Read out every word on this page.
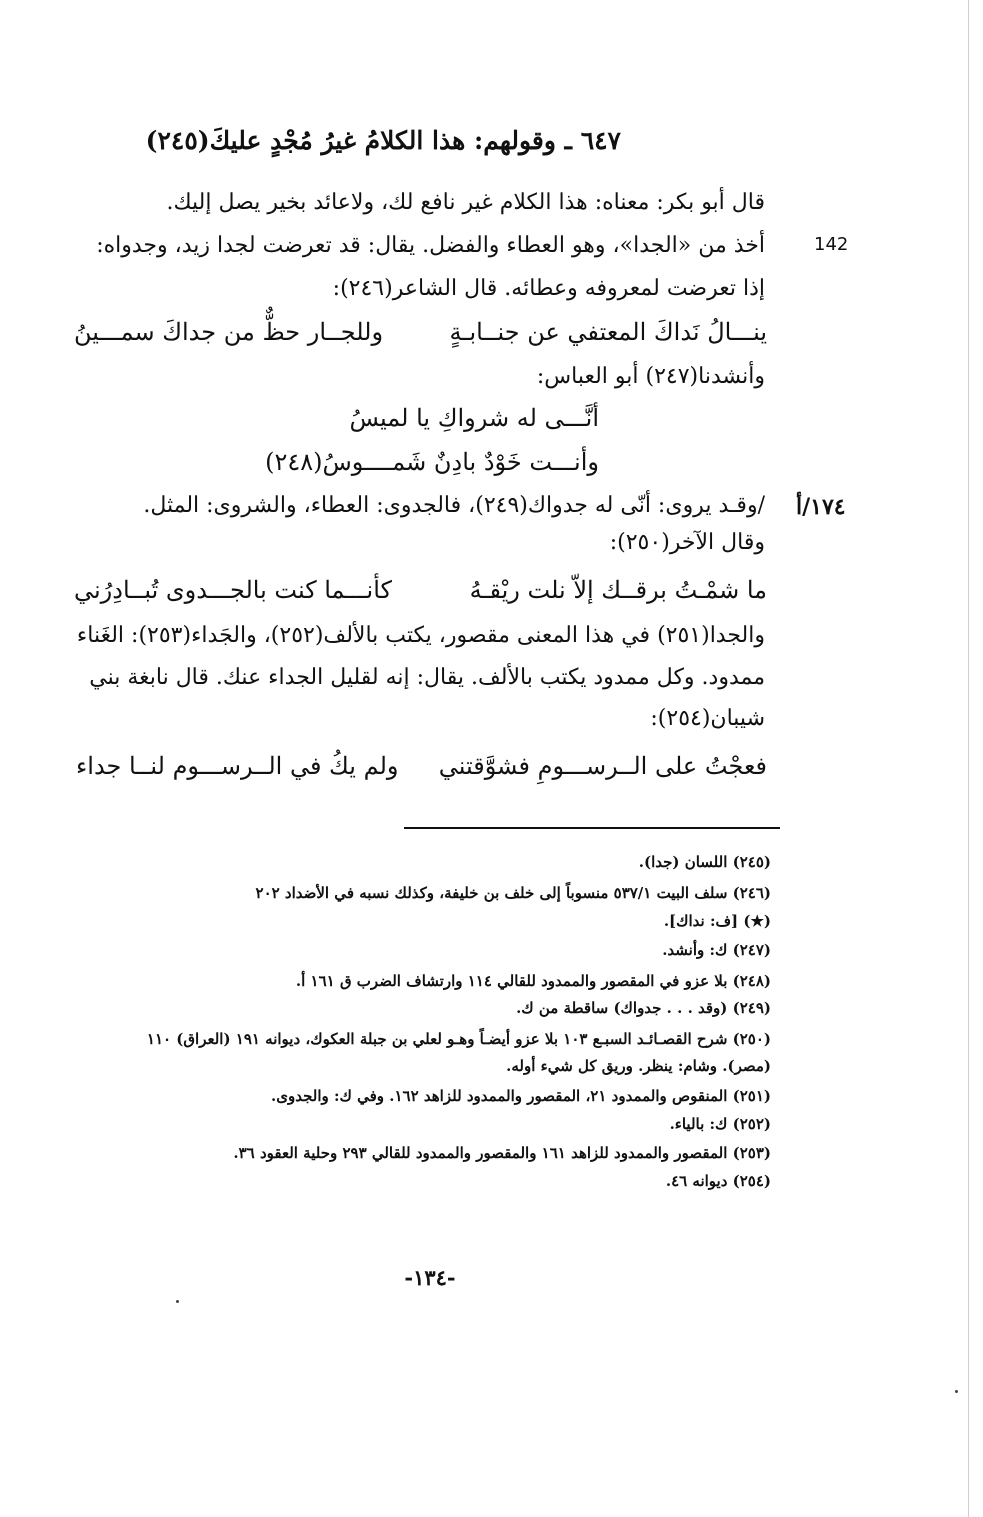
٦٤٧ ـ وقولهم: هذا الكلامُ غيرُ مُجْدٍ عليكَ(٢٤٥)
قال أبو بكر: معناه: هذا الكلام غير نافع لك، ولاعائد بخير يصل إليك.
142
أخذ من «الجدا»، وهو العطاء والفضل. يقال: قد تعرضت لجدا زيد، وجدواه:
إذا تعرضت لمعروفه وعطائه. قال الشاعر(٢٤٦):
ينـــالُ نَداكَ المعتفي عن جنــابـةٍ
وللجــار حظٌّ من جداكَ سمـــينُ
وأنشدنا(٢٤٧) أبو العباس:
أنَّـــى له شرواكِ يا لميسُ
وأنـــت خَوْدٌ بادِنٌ شَمــــوسُ(٢٤٨)
١٧٤/أ
/وقـد يروى: أنّى له جدواك(٢٤٩)، فالجدوى: العطاء، والشروى: المثل.
وقال الآخر(٢٥٠):
ما شمْـتُ برقــك إلاّ نلت ريْقـهُ
كأنـــما كنت بالجـــدوى تُبــادِرُني
والجدا(٢٥١) في هذا المعنى مقصور، يكتب بالألف(٢٥٢)، والجَداء(٢٥٣): الغَناء
ممدود. وكل ممدود يكتب بالألف. يقال: إنه لقليل الجداء عنك. قال نابغة بني
شيبان(٢٥٤):
فعجْتُ على الــرســـومِ فشوَّقتني
ولم يكُ في الــرســـوم لنــا جداء
(٢٤٥) اللسان (جدا).
(٢٤٦) سلف البيت ٥٣٧/١ منسوباً إلى خلف بن خليفة، وكذلك نسبه في الأضداد ٢٠٢
(★) [ف: نداك].
(٢٤٧) ك: وأنشد.
(٢٤٨) بلا عزو في المقصور والممدود للقالي ١١٤ وارتشاف الضرب ق ١٦١ أ.
(٢٤٩) (وقد . . . جدواك) ساقطة من ك.
(٢٥٠) شرح القصـائـد السبـع ١٠٣ بلا عزو أيضـاً وهـو لعلي بن جبلة العكوك، ديوانه ١٩١ (العراق) ١١٠
(مصر). وشام: ينظر. وريق كل شيء أوله.
(٢٥١) المنقوص والممدود ٢١، المقصور والممدود للزاهد ١٦٢. وفي ك: والجدوى.
(٢٥٢) ك: بالياء.
(٢٥٣) المقصور والممدود للزاهد ١٦١ والمقصور والممدود للقالي ٢٩٣ وحلية العقود ٣٦.
(٢٥٤) ديوانه ٤٦.
-١٣٤-
